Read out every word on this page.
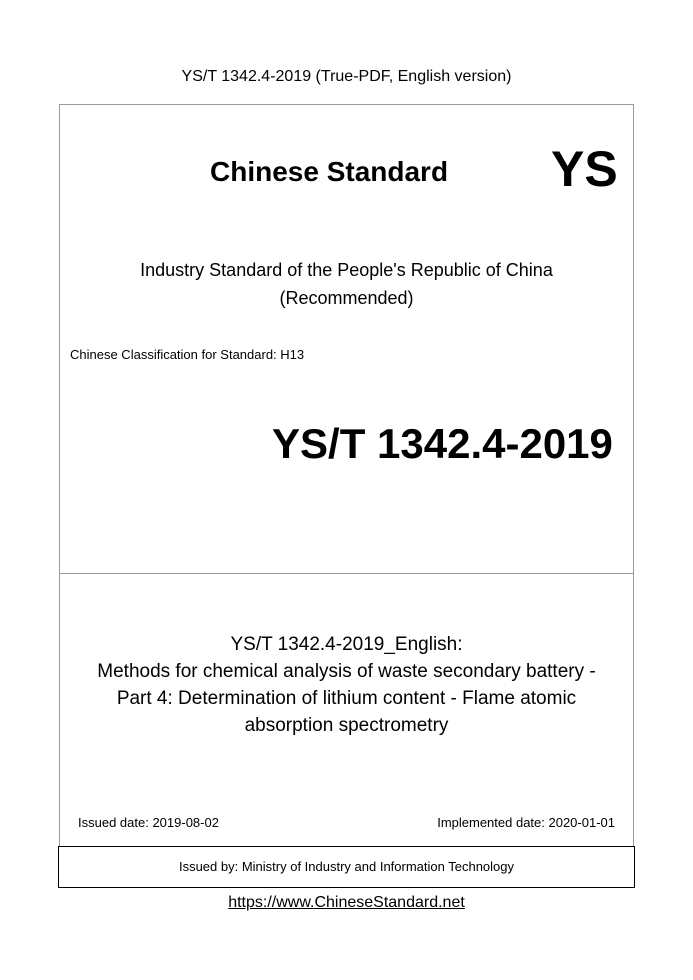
YS/T 1342.4-2019 (True-PDF, English version)
Chinese Standard YS
Industry Standard of the People's Republic of China
(Recommended)
Chinese Classification for Standard: H13
YS/T 1342.4-2019
YS/T 1342.4-2019_English:
Methods for chemical analysis of waste secondary battery -
Part 4: Determination of lithium content - Flame atomic
absorption spectrometry
Issued date: 2019-08-02	Implemented date: 2020-01-01
Issued by: Ministry of Industry and Information Technology
https://www.ChineseStandard.net
